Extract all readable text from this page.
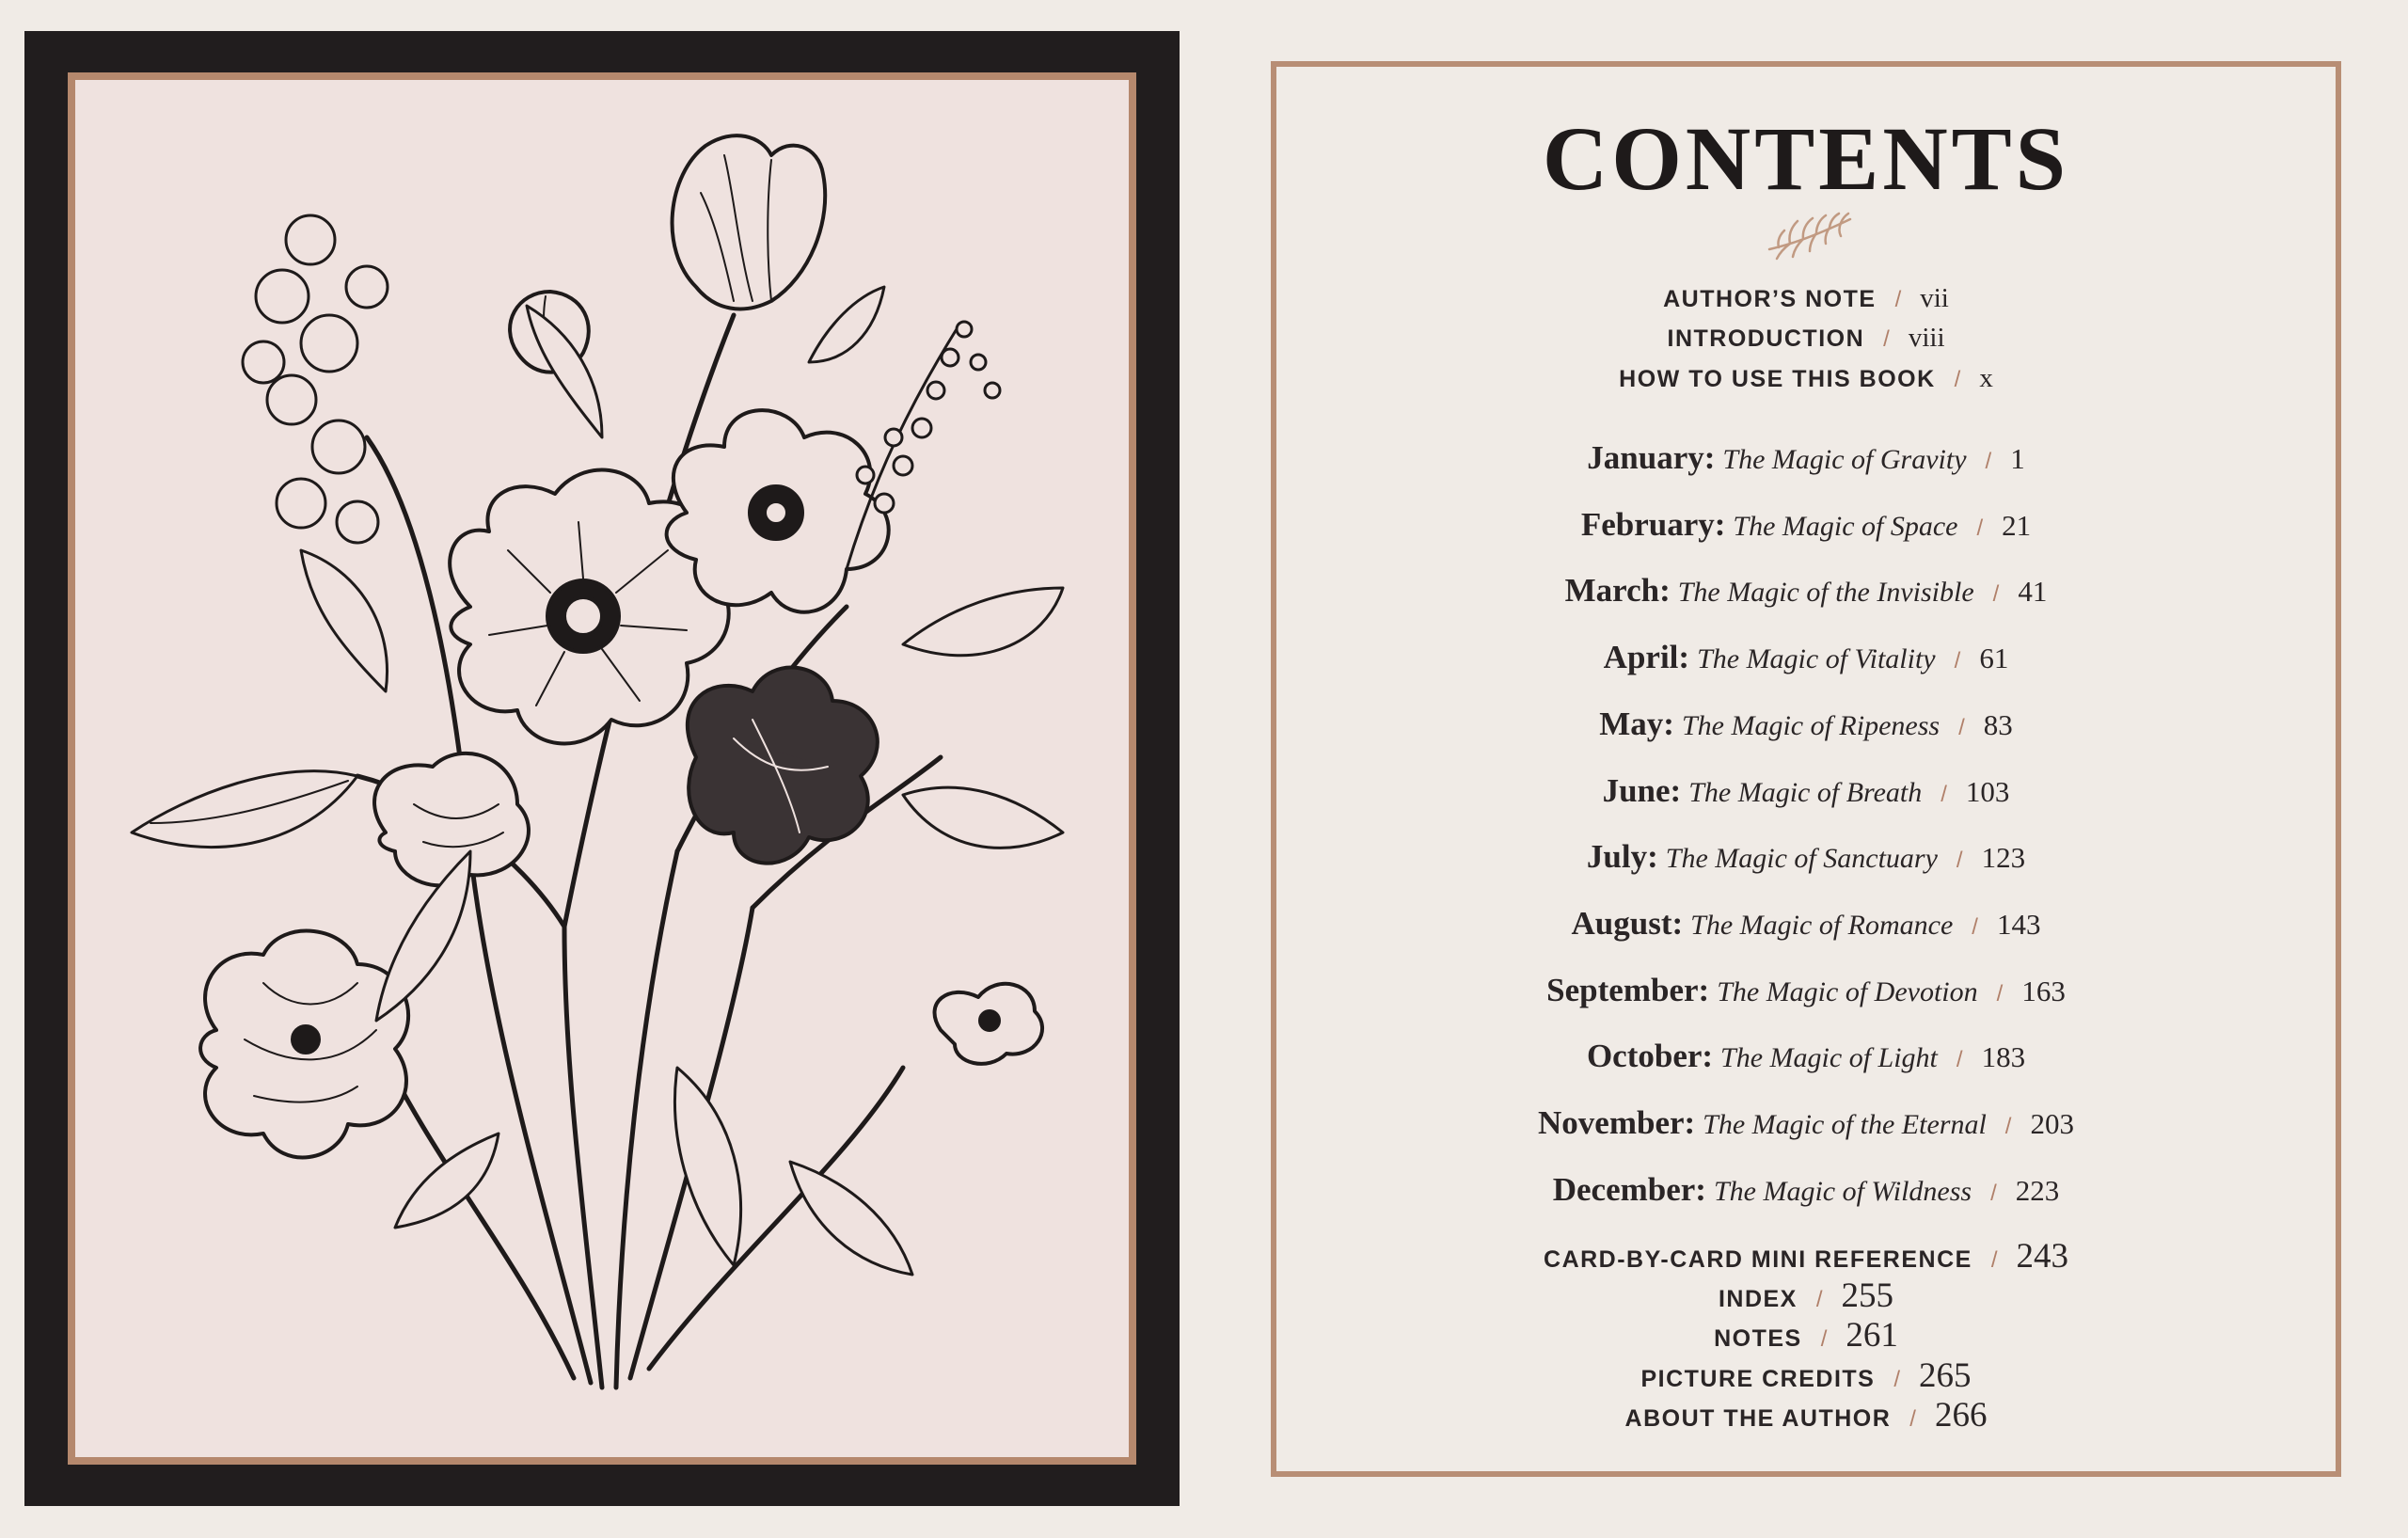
CONTENTS
AUTHOR’S NOTE / vii
INTRODUCTION / viii
HOW TO USE THIS BOOK / x
January: The Magic of Gravity / 1
February: The Magic of Space / 21
March: The Magic of the Invisible / 41
April: The Magic of Vitality / 61
May: The Magic of Ripeness / 83
June: The Magic of Breath / 103
July: The Magic of Sanctuary / 123
August: The Magic of Romance / 143
September: The Magic of Devotion / 163
October: The Magic of Light / 183
November: The Magic of the Eternal / 203
December: The Magic of Wildness / 223
CARD-BY-CARD MINI REFERENCE / 243
INDEX / 255
NOTES / 261
PICTURE CREDITS / 265
ABOUT THE AUTHOR / 266
